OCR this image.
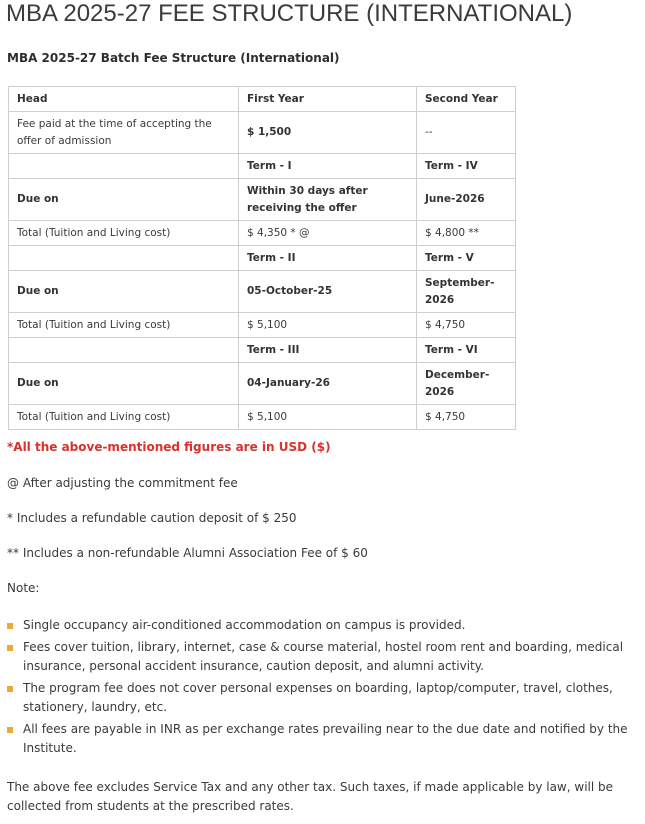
MBA 2025-27 FEE STRUCTURE (INTERNATIONAL)
MBA 2025-27 Batch Fee Structure (International)
Head	First Year	Second Year
Fee paid at the time of accepting the offer of admission	$ 1,500	--
	Term - I	Term - IV
Due on	Within 30 days after receiving the offer	June-2026
Total (Tuition and Living cost)	$ 4,350 * @	$ 4,800 **
	Term - II	Term - V
Due on	05-October-25	September-2026
Total (Tuition and Living cost)	$ 5,100	$ 4,750
	Term - III	Term - VI
Due on	04-January-26	December-2026
Total (Tuition and Living cost)	$ 5,100	$ 4,750

*All the above-mentioned figures are in USD ($)

@ After adjusting the commitment fee

* Includes a refundable caution deposit of $ 250

** Includes a non-refundable Alumni Association Fee of $ 60

Note:

Single occupancy air-conditioned accommodation on campus is provided.
Fees cover tuition, library, internet, case & course material, hostel room rent and boarding, medical insurance, personal accident insurance, caution deposit, and alumni activity.
The program fee does not cover personal expenses on boarding, laptop/computer, travel, clothes, stationery, laundry, etc.
All fees are payable in INR as per exchange rates prevailing near to the due date and notified by the Institute.

The above fee excludes Service Tax and any other tax. Such taxes, if made applicable by law, will be collected from students at the prescribed rates.
